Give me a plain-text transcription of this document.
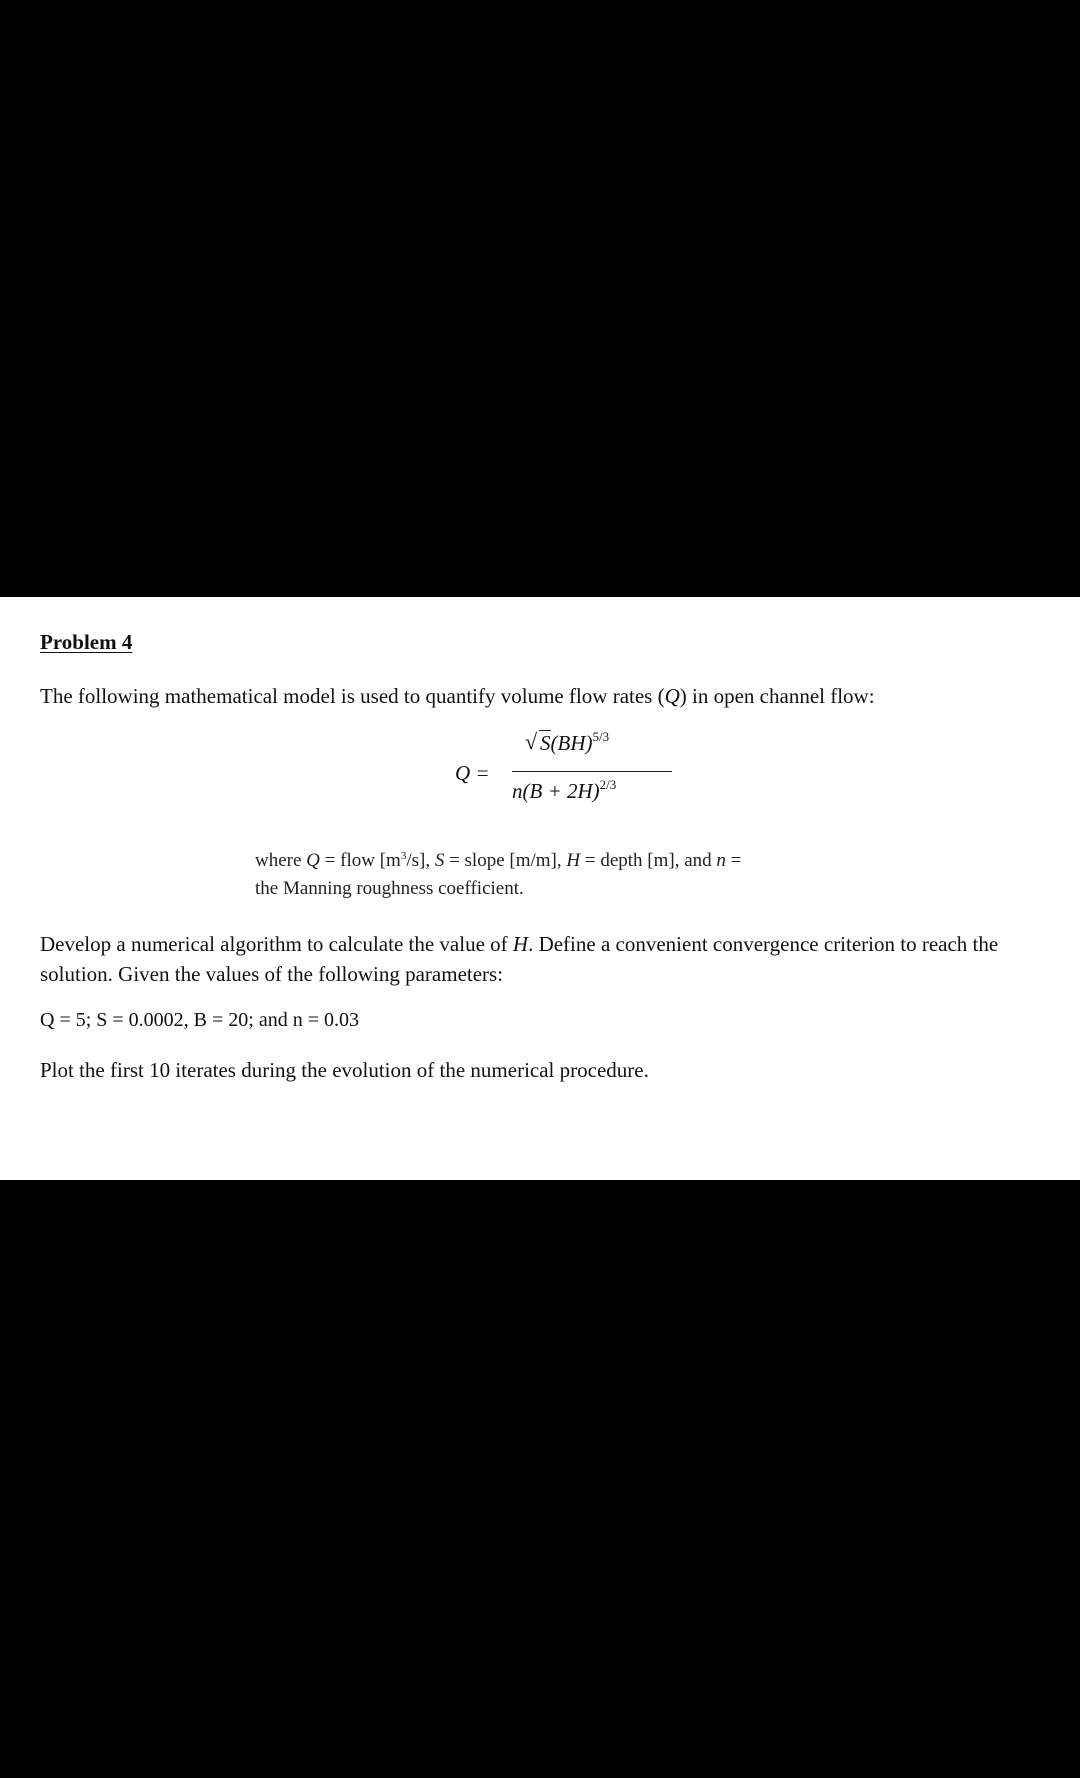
Problem 4
The following mathematical model is used to quantify volume flow rates (Q) in open channel flow:
Q =
√ S(BH)$^{5/3}$
$n(B + 2H)^{2/3}$
where Q = flow $[m^3/s]$, S = slope [m/m], H = depth [m], and n =
the Manning roughness coefficient.
Develop a numerical algorithm to calculate the value of H. Define a convenient convergence criterion to reach the solution. Given the values of the following parameters:
Q = 5; S = 0.0002, B = 20; and n = 0.03
Plot the first 10 iterates during the evolution of the numerical procedure.
